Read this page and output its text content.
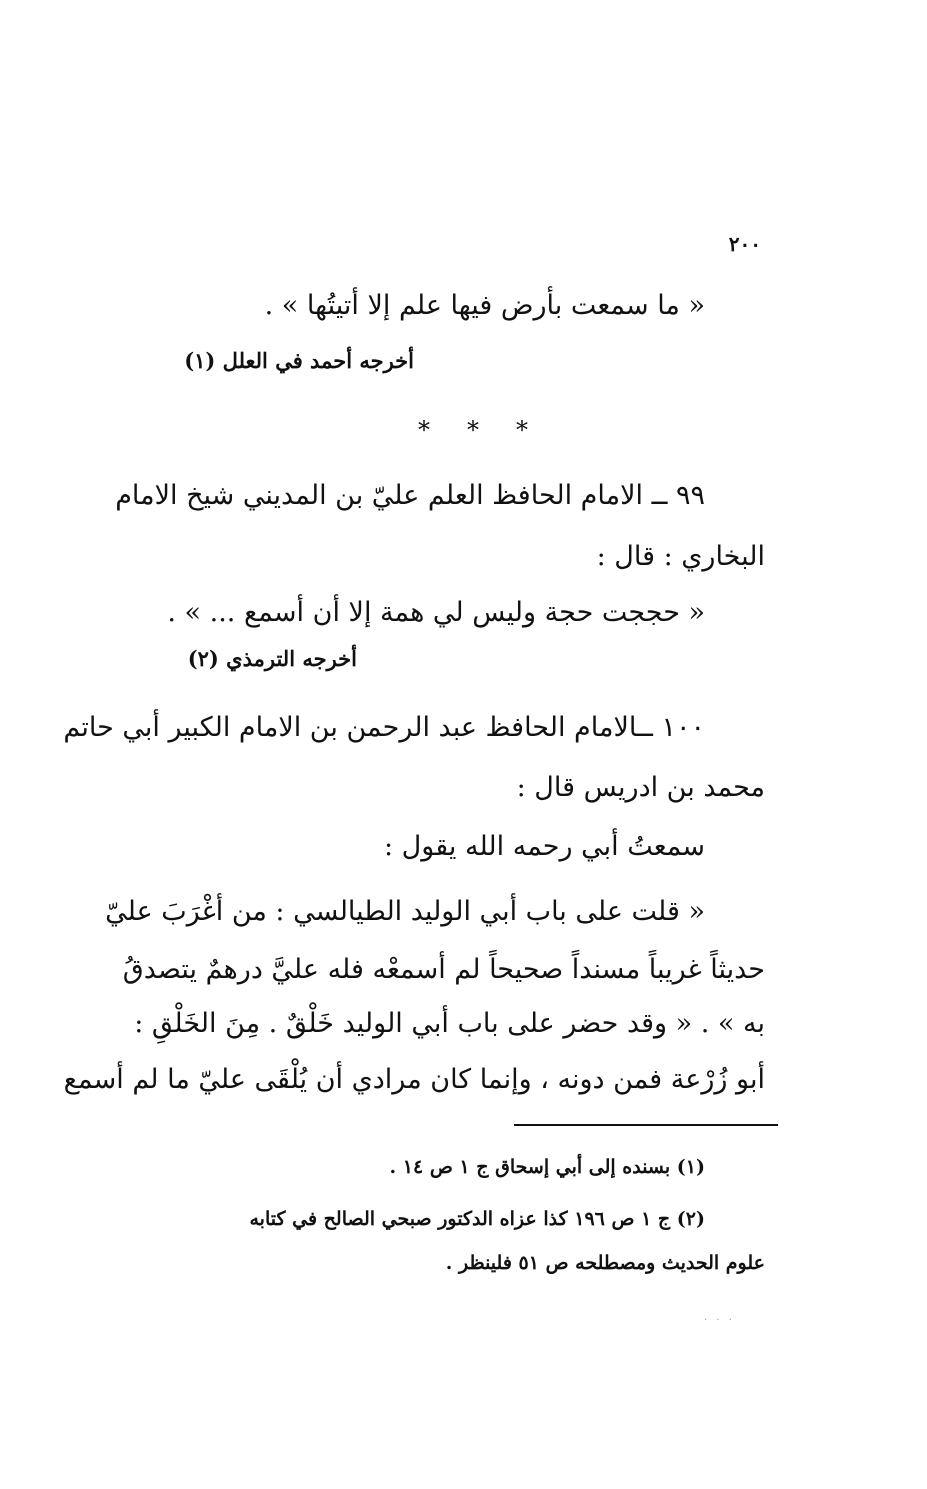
٢٠٠
« ما سمعت بأرض فيها علم إلا أتيتُها » .
أخرجه أحمد في العلل (١)
*
*
*
٩٩ ــ الامام الحافظ العلم عليّ بن المديني شيخ الامام
البخاري : قال :
« حججت حجة وليس لي همة إلا أن أسمع ... » .
أخرجه الترمذي (٢)
١٠٠ ــالامام الحافظ عبد الرحمن بن الامام الكبير أبي حاتم
محمد بن ادريس قال :
سمعتُ أبي رحمه الله يقول :
« قلت على باب أبي الوليد الطيالسي : من أغْرَبَ عليّ
حديثاً غريباً مسنداً صحيحاً لم أسمعْه فله عليَّ درهمٌ يتصدقُ
به » . « وقد حضر على باب أبي الوليد خَلْقٌ . مِنَ الخَلْقِ :
أبو زُرْعة فمن دونه ، وإنما كان مرادي أن يُلْقَى عليّ ما لم أسمع
(١) بسنده إلى أبي إسحاق ج ١ ص ١٤ .
(٢) ج ١ ص ١٩٦ كذا عزاه الدكتور صبحي الصالح في كتابه
علوم الحديث ومصطلحه ص ٥١ فلينظر .
. . .
